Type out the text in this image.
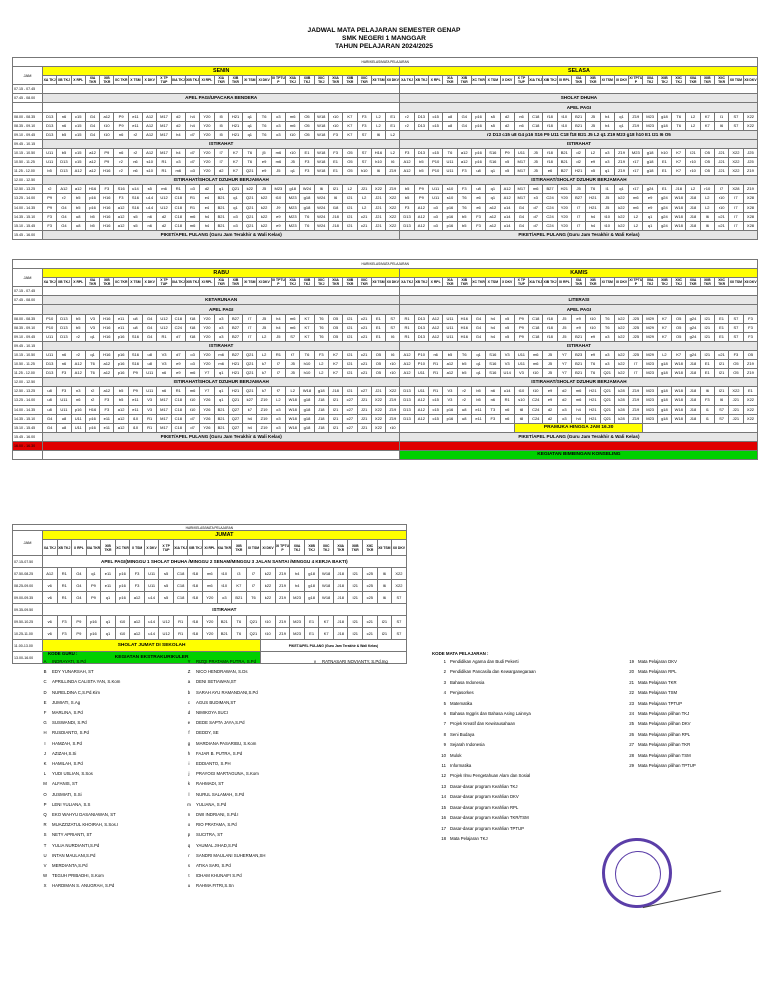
JADWAL MATA PELAJARAN SEMESTER GENAP
SMK NEGERI 1 MANGGAR
TAHUN PELAJARAN 2024/2025
HARI/KELAS/MATA PELAJARAN																																																		
JAM	SENIN																									SELASA																								
	XA TKJ	XB TKJ	X RPL	XIA TKR	XIB TKR	XC TKR	X TSM	X DKV	X TP TUP	XIA TKJ	XIB TKJ	XI RPL	XIA TKR	XIB TKR	XI TSM	XI DKV	XI TPTU P	XIIA TKJ	XIIB TKJ	XIIC TKJ	XIIA TKR	XIIB TKR	XIIC TKR	XII TSM	XII DKV	XA TKJ	XB TKJ	X RPL	XIA TKR	XIB TKR	XC TKR	X TSM	X DKV	X TP TUP	XIA TKJ	XIB TKJ	XI RPL	XIA TKR	XIB TKR	XI TSM	XI DKV	XI TPTU P	XIIA TKJ	XIIB TKJ	XIIC TKJ	XIIA TKR	XIIB TKR	XIIC TKR	XII TSM	XII DKV
07.15 - 07.45																																																		
07.45 - 08.00	APEL PAGI/UPACARA BENDERA																									SHOLAT DHUHA																								
																										APEL PAGI																								
08.00 - 08.35	D13	n6	c15	G4	a12	P9	e11	A12	M17	d2	h4	Y20	i5	H21	q1	T6	o3	m6	O5	W18	r10	K7	F3	L2	E1	r2	D13	c15	u8	G4	p16	s5	d2	n6	C18	f18	t10	B21	J5	h4	q1	Z19	M23	g18	T6	L2	K7	I1	S7	X22
08.35 - 09.10	D13	n6	c15	G4	t10	P9	e11	A12	M17	d2	h4	Y20	i5	H21	q1	T6	o3	m6	O5	W18	r10	K7	F3	L2	E1	r2	D13	c15	u8	G4	p16	s5	d2	n6	C18	f18	t10	B21	J5	h4	q1	Z19	M23	g18	T6	L2	K7	I6	S7	X22
09.10 - 09.45	D13	b5	c15	G4	t10	n6	r2	A12	M17	h4	d7	Y20	i5	H21	q1	T6	o3	t10	O5	W18	F3	K7	S7	I6	L2	r2 D13 c15 u8 G4 p16 S16 P9 U11 C18 f18 B21 J5 L2 q1 Z19 M23 g18 h10 E1 I21 I6 O5																								
09.45 - 10.15	ISTIRAHAT																									ISTIRAHAT																								
10.15 - 10.50	U11	b5	c15	a12	P9	n6	r2	A12	M17	h4	d7	Y20	I7	K7	T6	j5	m6	r10	E1	W18	F3	O5	S7	H16	L2	F3	D13	c15	T6	a12	p16	S16	P9	U11	J5	f18	B21	d2	L2	o3	Z19	M23	g18	h10	K7	I21	O5	J21	X22	J25
10.50 - 11.25	U11	D13	c15	a12	P9	r2	n6	s10	R1	o3	d7	Y20	I7	K7	T6	e9	m6	J5	F3	W18	E1	O5	S7	h10	I6	A12	b5	P10	U11	a12	p16	S16	x5	M17	J5	f18	B21	d2	e9	o3	Z19	r17	g18	E1	K7	r10	O5	J21	X22	J25
11.25 - 12.00	b5	D13	A12	a12	H16	r2	n6	s10	R1	m6	o3	Y20	d2	K7	Q21	e9	J5	q1	F3	W18	E1	O5	h10	I6	Z19	A12	b5	P10	U11	F3	u8	q1	x5	M17	J5	e6	B27	H21	x5	q1	Z19	r17	g18	E1	K7	r10	O5	J21	X22	Z19
12.00 - 12.50	ISTIRAHAT/SHOLAT DZUHUR BERJAMAAH																									ISTIRAHAT/SHOLAT DZUHUR BERJAMAAH																								
12.50 - 13.25	r2	A12	a12	H16	F3	S16	u14	s5	m6	R1	o3	d2	q1	Q21	k22	J5	M23	g18	W24	I6	I21	L2	J21	X22	Z19	b5	P9	U11	s10	F3	u8	q1	A12	M17	m6	B27	H21	J5	T6	I1	q1	r17	g24	E1	J18	L2	r10	I7	X28	Z19
13.25 - 14.00	P9	r2	b5	p16	H16	F3	S16	u14	U12	C18	R1	e4	B21	q1	Q21	k22	t10	M23	g18	W24	I6	I21	L2	J21	X22	b5	P9	U11	s10	T6	e6	q1	A12	M17	x3	C24	Y20	B27	H21	J5	k22	m6	e9	g24	W18	J18	L2	r10	I7	X28
14.00 - 14.35	P9	G4	b5	p16	H16	a12	S16	u14	U12	C18	R1	e4	B21	q1	Q21	k22	J9	M23	g18	W24	I18	I21	L2	J21	X22	F3	A12	o3	p16	T6	e6	a12	u14	G4	d7	C24	Y20	I7	H21	J5	k22	m6	e9	g24	W18	J18	L2	r10	I7	X28
14.35 - 15.10	F3	G4	u8	b5	H16	a12	s5	n6	d2	C18	m6	h4	B21	o3	Q21	k22	e9	M23	T6	W24	J18	I21	c21	J21	X22	D13	A12	o3	p16	b5	F3	a12	u14	G4	d7	C24	Y20	I7	h4	t10	k22	L2	q1	g24	W18	J18	I6	c21	I7	X28
15.10 - 15.45	F3	G4	u8	b5	H16	a12	s5	n6	d2	C18	m6	h4	B21	o3	Q21	k22	e9	M23	T6	W24	J18	I21	c21	J21	X22	D13	A12	o3	p16	b5	F3	a12	u14	G4	d7	C24	Y20	I7	h4	t10	k22	L2	q1	g24	W18	J18	I6	c21	I7	X28
15.45 - 16.00	PIKET/APEL PULANG (Guru Jam Terakhir & Wali Kelas)																									PIKET/APEL PULANG (Guru Jam Terakhir & Wali Kelas)																								
HARI/KELAS/MATA PELAJARAN																																																		
JAM	RABU																									KAMIS																								
	XA TKJ	XB TKJ	X RPL	XIA TKR	XIB TKR	XC TKR	X TSM	X DKV	X TP TUP	XIA TKJ	XIB TKJ	XI RPL	XIA TKR	XIB TKR	XI TSM	XI DKV	XI TPTU P	XIIA TKJ	XIIB TKJ	XIIC TKJ	XIIA TKR	XIIB TKR	XIIC TKR	XII TSM	XII DKV	XA TKJ	XB TKJ	X RPL	XIA TKR	XIB TKR	XC TKR	X TSM	X DKV	X TP TUP	XIA TKJ	XIB TKJ	XI RPL	XIA TKR	XIB TKR	XI TSM	XI DKV	XI TPTU P	XIIA TKJ	XIIB TKJ	XIIC TKJ	XIIA TKR	XIIB TKR	XIIC TKR	XII TSM	XII DKV
07.15 - 07.45																																																		
07.45 - 08.00	KETARUNAAN																									LITERASI																								
	APEL PAGI																									APEL PAGI																								
08.00 - 08.35	P10	D13	b5	V3	H16	e11	u8	G4	U12	C18	f18	Y20	o3	B27	I7	J5	h4	m6	K7	T6	O5	I21	c21	E1	S7	R1	D13	A12	U11	H16	G4	h4	x5	P9	C18	f18	J5	e9	t10	T6	k22	J25	M29	K7	O5	g24	I21	E1	S7	F3
08.35 - 09.10	P10	D13	b5	V3	H16	e11	u8	G4	U12	C24	f18	Y20	o3	B27	I7	J5	h4	m6	K7	T6	O5	I21	c21	E1	S7	R1	D13	A12	U11	H16	G4	h4	x5	P9	C18	f18	J5	e9	t10	T6	k22	J25	M29	K7	O5	g24	I21	E1	S7	F3
09.10 - 09.45	U11	D13	r2	q1	H16	p16	S16	G4	R1	d7	f18	Y20	o3	B27	I7	L2	J5	S7	K7	T6	O5	I21	c21	E1	I6	R1	D13	A12	U11	H16	G4	h4	x5	P9	C18	f18	J5	B21	e9	o3	k22	J25	M29	K7	O5	g24	I21	E1	S7	F3
09.45 - 10.15	ISTIRAHAT																									ISTIRAHAT																								
10.15 - 10.50	U11	n6	r2	q1	H16	p16	S16	u8	V3	d7	o3	Y20	m6	B27	Q21	L2	R1	t7	T6	F3	K7	I21	c21	O5	I6	A12	P10	n6	b5	T6	q1	S16	V3	U11	m6	J5	Y7	B23	e9	o3	k22	J25	M29	L2	K7	g24	I21	c21	F3	O5
10.50 - 11.25	D13	n6	A12	T6	a12	p16	S16	u8	V3	e9	o3	Y20	m6	H21	Q21	k7	I7	J5	h10	L2	K7	I21	c21	O5	r10	A12	P10	R1	a12	b5	q1	S16	V3	U11	m6	J5	Y7	B21	T6	o3	k22	I7	M23	g18	W18	J18	E1	I21	O5	Z19
11.25 - 12.00	D13	F3	A12	T6	a12	p16	P9	U11	n6	e9	m6	Y7	q1	H21	Q21	k7	I7	J5	h10	L2	K7	I21	c21	O5	r10	A12	U11	R1	a12	b5	q1	S16	U14	V3	t10	J5	Y7	B21	T6	Q21	k22	I7	M23	g18	W18	J18	E1	I21	O5	Z19
12.00 - 12.50	ISTIRAHAT/SHOLAT DZUHUR BERJAMAAH																									ISTIRAHAT/SHOLAT DZUHUR BERJAMAAH																								
12.50 - 13.25	u8	F3	n3	r2	a12	b5	P9	U11	n6	R1	m6	Y7	q1	H21	Q21	k7	f7	L2	W18	g18	J18	I21	c27	J21	X22	D13	U11	R1	V3	r2	b5	n6	u14	t10	t10	e9	d2	m6	H21	Q21	k28	Z19	M23	g18	W18	J18	I6	I21	X22	E1
13.25 - 14.00	u8	U11	n6	r2	F3	b5	e11	V3	M17	C18	t10	Y26	q1	Q21	k27	Z19	L2	W18	g18	J18	I21	c27	J21	X22	Z19	D13	A12	c15	V3	r2	b5	n6	R1	s10	C24	e9	d2	m6	H21	Q21	k28	Z19	M23	g18	W18	J18	F3	I6	J21	X22
14.00 - 14.35	u8	U11	p16	H16	F3	a12	e11	V3	M17	C18	t10	Y26	B21	Q27	k7	Z19	o3	W18	g18	J18	I21	c27	J21	X22	Z19	D13	A12	c15	p16	u8	e11	T3	n6	t8	C24	d2	o3	h4	H21	Q21	k28	Z19	M23	g18	W18	J18	I1	S7	J21	X22
14.35 - 15.10	G4	u8	U11	p16	e11	a12	i10	R1	M17	C18	d7	Y26	B21	Q27	h4	Z19	o3	W18	g18	J18	I21	c27	J21	X22	Z19	D13	A12	c15	p16	u8	e11	F3	n6	t8	C24	d2	o3	h4	H21	Q21	k28	Z19	M23	g18	W18	J18	I1	S7	J21	X22
15.10 - 15.45	G4	u8	U11	p16	e11	a12	i10	R1	M17	C18	d7	Y26	B21	Q27	h4	Z19	o3	W18	g18	J18	I21	c27	J21	X22	r10									PRAMUKA HINGGA JAM 16.30																
15.45 - 16.00	PIKET/APEL PULANG (Guru Jam Terakhir & Wali Kelas)																									PIKET/APEL PULANG (Guru Jam Terakhir & Wali Kelas)																								
16.00 - 16.30																																																		
																										KEGIATAN BIMBINGAN KONSELING																								
HARI/KELAS/MATA PELAJARAN																									
JAM	JUMAT																								
	XA TKJ	XB TKJ	X RPL	XIA TKR	XIB TKR	XC TKR	X TSM	X DKV	X TP TUP	XIA TKJ	XIB TKJ	XI RPL	XIA TKR	XIB TKR	XI TSM	XI DKV	XI TPTU P	XIIA TKJ	XIIB TKJ	XIIC TKJ	XIIA TKR	XIIB TKR	XIIC TKR	XII TSM	XII DKV
07.15-07.50	APEL PAGI(MINGGU 1 SHOLAT DHUHA /MINGGU 2 SENAM/MINGGU 3 JALAN SANTAI /MINGGU 4 KERJA BAKTI)																								
07.50-08.25	A12	R1	G4	q1	e11	p16	F3	U11	s5	C18	f18	m6	t10	i3	I7	k22	Z19	h4	g18	W18	J18	I21	c25	I6	X22
08.25-09.00	v6	R1	G4	P9	e11	p16	F3	U11	s5	C18	f18	m6	t10	K7	I7	k22	Z19	h4	g18	W18	J18	I21	c25	I6	X22
09.00-09.35	v6	R1	G4	P9	q1	p16	a12	u14	s5	C18	f18	Y20	o3	B21	T6	k22	Z19	M23	g18	W18	J18	I21	c25	I6	S7
09.35-09.50	ISTIRAHAT																								
09.50-10.25	v6	F3	P9	p16	q1	t10	a12	u14	U12	R1	f18	Y20	B21	T6	Q21	t10	Z19	M23	E1	K7	J18	I21	c21	I21	S7
10.25-11.00	v6	F3	P9	p16	q1	t10	a12	u14	U12	R1	f18	Y20	B21	T6	Q21	t10	Z19	M23	E1	K7	J18	I21	c21	I21	S7
11.00-13.00	SHOLAT JUMAT DI SEKOLAH															PIKET/APEL PULANG (Guru Jam Terakhir & Wali Kelas)									
13.00-16.00	KEGIATAN EKSTRAKURIKULER																								
KODE GURU :
A INDRAYATI, S.Pd
B EDY YUNARSAH, ST
C APRILLINDA CALISTA YAN, S.Kom
D NURELDINA C,S.Pd.Kim
E JUMIATI, S.Ag
F MARLINA, S.Pd
G SUSWANDI, S.Pd
H RUSDIANTO, S.Pd
I HAMZAH, S.Pd
J AZIZAH,S.Si
K HAMILAH, S.Pd
L YUDI USLIAN, S.Sos
M ALFANIS, ST
O JUSMIATI, S.Si
P LENI YULIANA, S.S
Q EKO WAHYU DASANIAWAN, ST
R MUAZZIZATUL KHOIRAH, S.Sos.I
S NETY APRIANTI, ST
T YULIA NURDIANTI,S.Pd
U INTAN MAULANI,S.Pd
V MERDIANTA,S.Pd
W TEGUH PRIBADHI, S.Kom
X HARDIMAN S. ANUGRAH, S.Pd
Y RIZQI PRATAMA PUTRA, S.Pd
Z NICO HENDRAWAN, S.Ds
a DENI SETIAWAN,ST
b SARAH AYU RAMANDANI,S.Pd
c AGUS BUDIMAN,ST
d NIMIKOYA SUCI
e DEDE SAPTA JAYA,S.Pd
f DEDDY, SE
g MARDIANA PASARIBU, S.Kom
h FAJAR B. PUTRA, S.Pd
i EDDIANTO, S.PH
j PRAYOGI MARTAGUNA, S.Kom
k RAHMADI, ST
l NURUL SALAMAH, S.Pd
m YULIANA, S.Pd
n DWI INDRIANI, S.Pd.I
o RIO PRATAMA, S.Pd
p SUCITRA, ST
q YAUMAL JIHAD,S.Pd
r SANDRI MAULANI SUHERMAN,SH
s ATIKA SARI, S.Pd
t IDHAM KHUNAIFI S.Pd
u RAHMA FITRI,S.Sn
v RATNASARI NOVIANTY, S.Pd.Ing
KODE MATA PELAJARAN :
1 Pendidikan Agama dan Budi Pekerti
2 Pendidikan Pancasila dan Kewarganegaraan
3 Bahasa Indonesia
4 Penjasorkes
5 Matematika
6 Bahasa Inggris dan Bahasa Asing Lainnya
7 Projek Kreatif dan Kewirausahaan
8 Seni Budaya
9 Sejarah Indonesia
10 Mulok
11 Informatika
12 Projek Ilmu Pengetahuan Alam dan Sosial
13 Dasar-dasar program Keahlian TKJ
14 Dasar-dasar program Keahlian DKV
15 Dasar-dasar program Keahlian RPL
16 Dasar-dasar program Keahlian TKR/TSM
17 Dasar-dasar program Keahlian TPTUP
18 Mata Pelajaran TKJ
19 Mata Pelajaran DKV
20 Mata Pelajaran RPL
21 Mata Pelajaran TKR
22 Mata Pelajaran TSM
23 Mata Pelajaran TPTUP
24 Mata Pelajaran pilihan TKJ
25 Mata Pelajaran pilihan DKV
26 Mata Pelajaran pilihan RPL
27 Mata Pelajaran pilihan TKR
28 Mata Pelajaran pilihan TSM
29 Mata Pelajaran pilihan TPTUP
